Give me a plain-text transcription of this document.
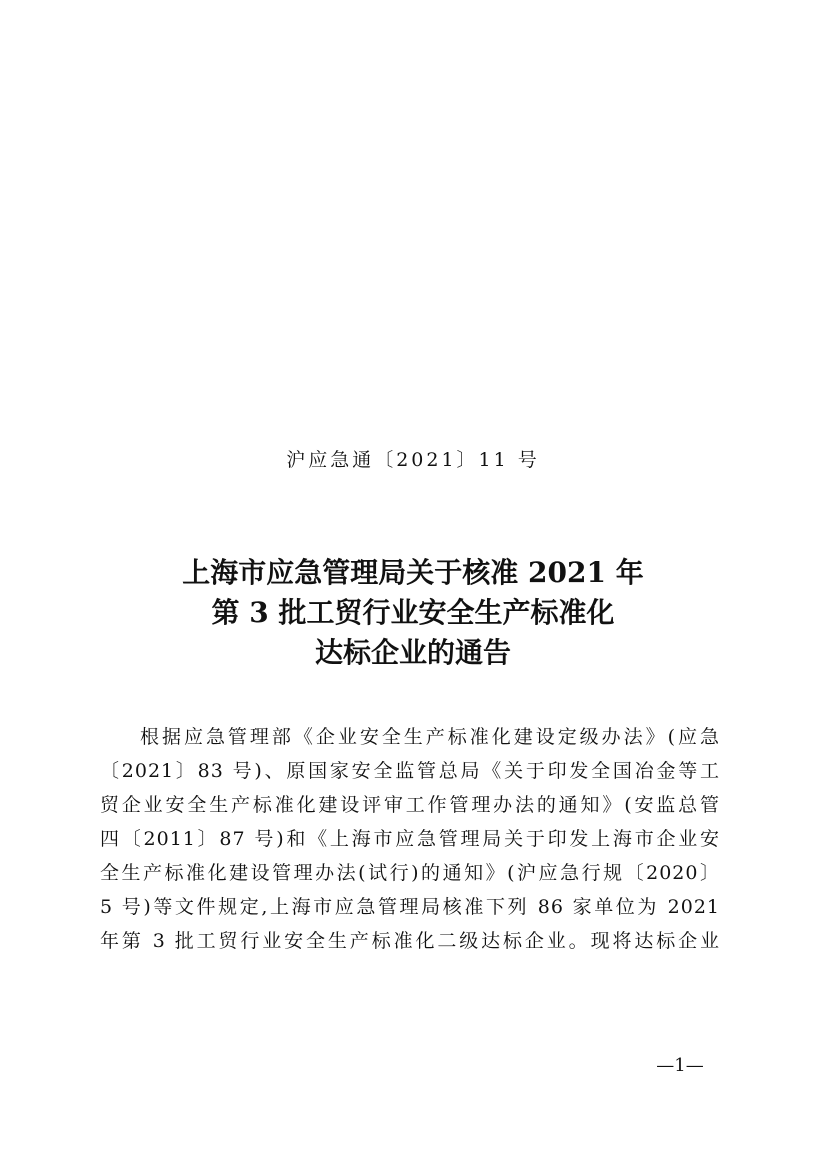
沪应急通〔2021〕11 号
上海市应急管理局关于核准 2021 年
第 3 批工贸行业安全生产标准化
达标企业的通告
根据应急管理部《企业安全生产标准化建设定级办法》(应急
〔2021〕83 号)、原国家安全监管总局《关于印发全国冶金等工
贸企业安全生产标准化建设评审工作管理办法的通知》(安监总管
四〔2011〕87 号)和《上海市应急管理局关于印发上海市企业安
全生产标准化建设管理办法(试行)的通知》(沪应急行规〔2020〕
5 号)等文件规定,上海市应急管理局核准下列 86 家单位为 2021
年第 3 批工贸行业安全生产标准化二级达标企业。现将达标企业
—1—
